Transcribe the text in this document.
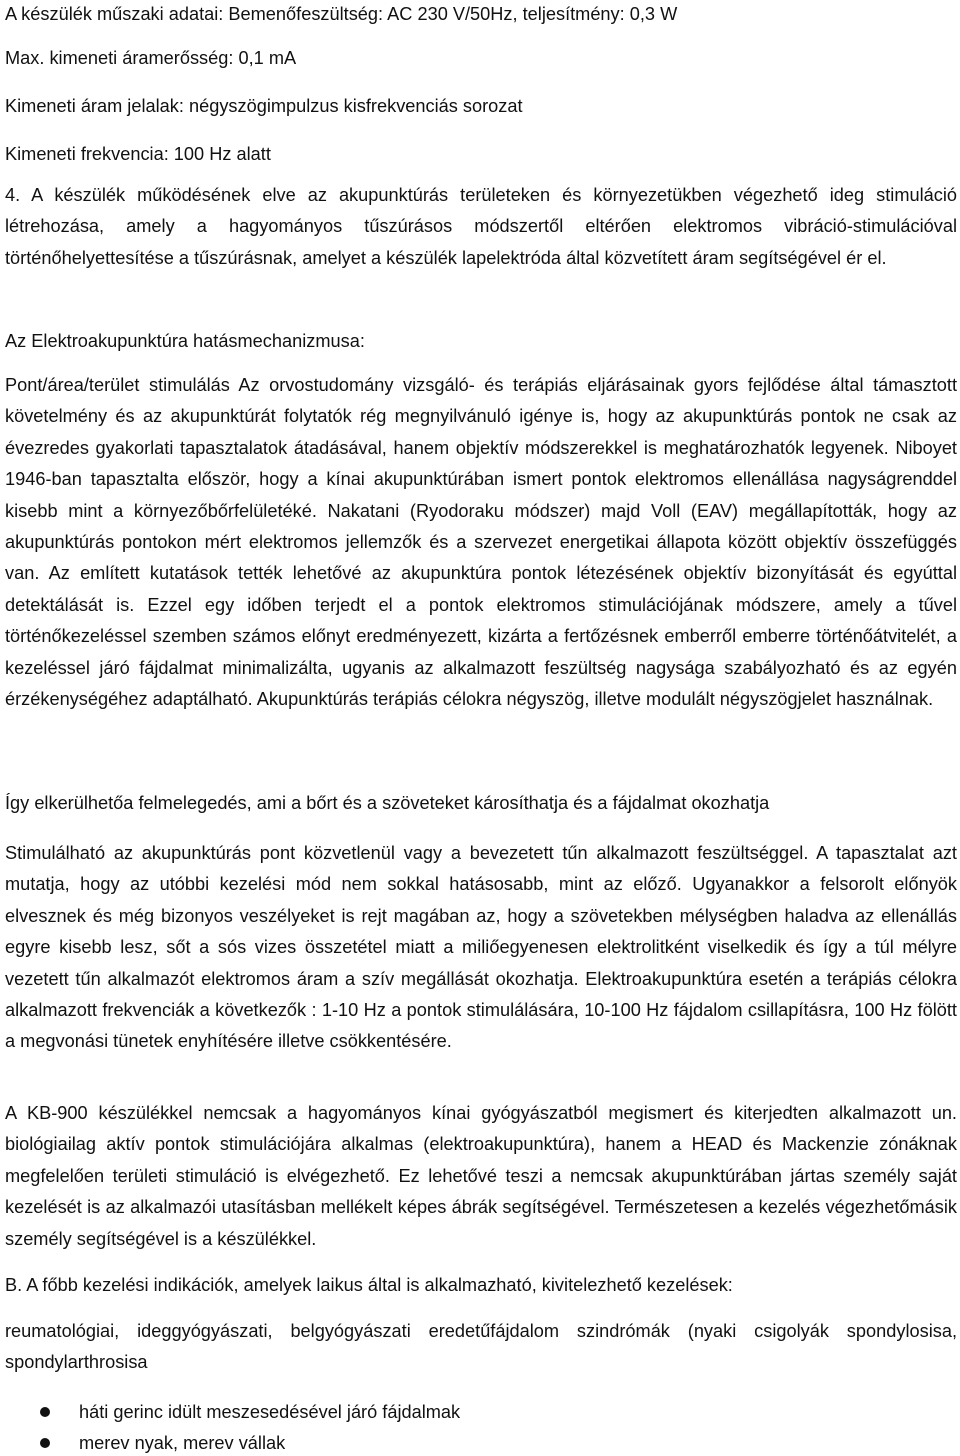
A készülék műszaki adatai: Bemenőfeszültség: AC 230 V/50Hz, teljesítmény: 0,3 W
Max. kimeneti áramerősség: 0,1 mA
Kimeneti áram jelalak: négyszögimpulzus kisfrekvenciás sorozat
Kimeneti frekvencia: 100 Hz alatt
4. A készülék működésének elve az akupunktúrás területeken és környezetükben végezhető ideg stimuláció létrehozása, amely a hagyományos tűszúrásos módszertől eltérően elektromos vibráció-stimulációval történőhelyettesítése a tűszúrásnak, amelyet a készülék lapelektróda által közvetített áram segítségével ér el.
Az Elektroakupunktúra hatásmechanizmusa:
Pont/área/terület stimulálás Az orvostudomány vizsgáló- és terápiás eljárásainak gyors fejlődése által támasztott követelmény és az akupunktúrát folytatók rég megnyilvánuló igénye is, hogy az akupunktúrás pontok ne csak az évezredes gyakorlati tapasztalatok átadásával, hanem objektív módszerekkel is meghatározhatók legyenek. Niboyet 1946-ban tapasztalta először, hogy a kínai akupunktúrában ismert pontok elektromos ellenállása nagyságrenddel kisebb mint a környezőbőrfelületéké. Nakatani (Ryodoraku módszer) majd Voll (EAV) megállapították, hogy az akupunktúrás pontokon mért elektromos jellemzők és a szervezet energetikai állapota között objektív összefüggés van. Az említett kutatások tették lehetővé az akupunktúra pontok létezésének objektív bizonyítását és egyúttal detektálását is. Ezzel egy időben terjedt el a pontok elektromos stimulációjának módszere, amely a tűvel történőkezeléssel szemben számos előnyt eredményezett, kizárta a fertőzésnek emberről emberre történőátvitelét, a kezeléssel járó fájdalmat minimalizálta, ugyanis az alkalmazott feszültség nagysága szabályozható és az egyén érzékenységéhez adaptálható. Akupunktúrás terápiás célokra négyszög, illetve modulált négyszögjelet használnak.
Így elkerülhetőa felmelegedés, ami a bőrt és a szöveteket károsíthatja és a fájdalmat okozhatja
Stimulálható az akupunktúrás pont közvetlenül vagy a bevezetett tűn alkalmazott feszültséggel. A tapasztalat azt mutatja, hogy az utóbbi kezelési mód nem sokkal hatásosabb, mint az előző. Ugyanakkor a felsorolt előnyök elvesznek és még bizonyos veszélyeket is rejt magában az, hogy a szövetekben mélységben haladva az ellenállás egyre kisebb lesz, sőt a sós vizes összetétel miatt a miliőegyenesen elektrolitként viselkedik és így a túl mélyre vezetett tűn alkalmazót elektromos áram a szív megállását okozhatja. Elektroakupunktúra esetén a terápiás célokra alkalmazott frekvenciák a következők : 1-10 Hz a pontok stimulálására, 10-100 Hz fájdalom csillapításra, 100 Hz fölött a megvonási tünetek enyhítésére illetve csökkentésére.
A KB-900 készülékkel nemcsak a hagyományos kínai gyógyászatból megismert és kiterjedten alkalmazott un. biológiailag aktív pontok stimulációjára alkalmas (elektroakupunktúra), hanem a HEAD és Mackenzie zónáknak megfelelően területi stimuláció is elvégezhető. Ez lehetővé teszi a nemcsak akupunktúrában jártas személy saját kezelését is az alkalmazói utasításban mellékelt képes ábrák segítségével. Természetesen a kezelés végezhetőmásik személy segítségével is a készülékkel.
B. A főbb kezelési indikációk, amelyek laikus által is alkalmazható, kivitelezhető kezelések:
reumatológiai, ideggyógyászati, belgyógyászati eredetűfájdalom szindrómák (nyaki csigolyák spondylosisa, spondylarthrosisa
háti gerinc idült meszesedésével járó fájdalmak
merev nyak, merev vállak
